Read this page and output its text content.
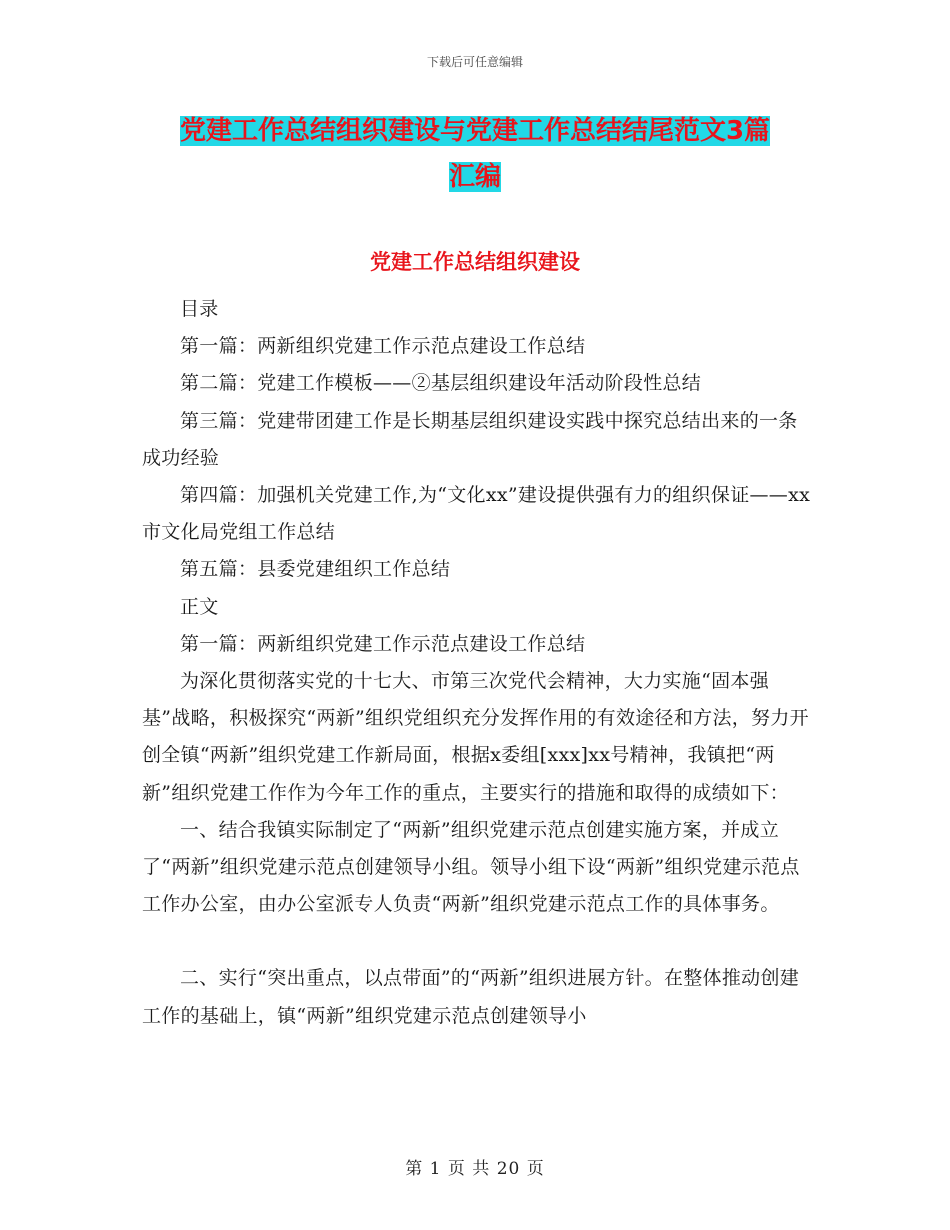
下载后可任意编辑
党建工作总结组织建设与党建工作总结结尾范文3篇
汇编
党建工作总结组织建设

目录

第一篇：两新组织党建工作示范点建设工作总结

第二篇：党建工作模板——②基层组织建设年活动阶段性总结

第三篇：党建带团建工作是长期基层组织建设实践中探究总结出来的一条成功经验

第四篇：加强机关党建工作,为“文化xx”建设提供强有力的组织保证——xx市文化局党组工作总结

第五篇：县委党建组织工作总结

正文

第一篇：两新组织党建工作示范点建设工作总结

为深化贯彻落实党的十七大、市第三次党代会精神，大力实施“固本强基”战略，积极探究“两新”组织党组织充分发挥作用的有效途径和方法，努力开创全镇“两新”组织党建工作新局面，根据x委组[xxx]xx号精神，我镇把“两新”组织党建工作作为今年工作的重点，主要实行的措施和取得的成绩如下：

一、结合我镇实际制定了“两新”组织党建示范点创建实施方案，并成立了“两新”组织党建示范点创建领导小组。领导小组下设“两新”组织党建示范点工作办公室，由办公室派专人负责“两新”组织党建示范点工作的具体事务。

二、实行“突出重点，以点带面”的“两新”组织进展方针。在整体推动创建工作的基础上，镇“两新”组织党建示范点创建领导小

第 1 页 共 20 页
